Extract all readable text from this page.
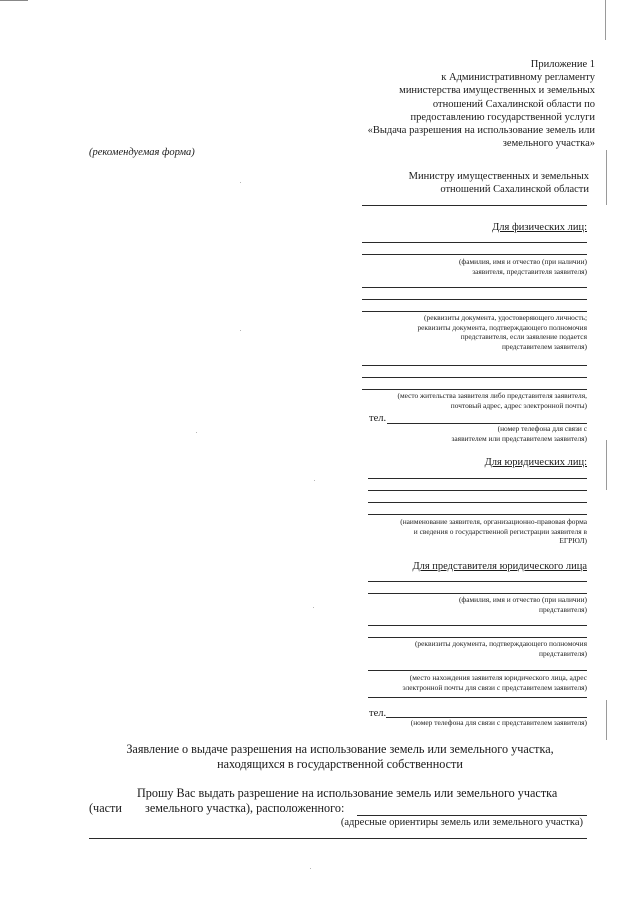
Приложение 1
к Административному регламенту
министерства имущественных и земельных
отношений Сахалинской области по
предоставлению государственной услуги
«Выдача разрешения на использование земель или
земельного участка»
(рекомендуемая форма)
Министру имущественных и земельных
отношений Сахалинской области
Для физических лиц:
(фамилия, имя и отчество (при наличии)
заявителя, представителя заявителя)
(реквизиты документа, удостоверяющего личность;
реквизиты документа, подтверждающего полномочия
представителя, если заявление подается
представителем заявителя)
(место жительства заявителя либо представителя заявителя,
почтовый адрес, адрес электронной почты)
тел.
(номер телефона для связи с
заявителем или представителем заявителя)
Для юридических лиц:
(наименование заявителя, организационно-правовая форма
и сведения о государственной регистрации заявителя в
ЕГРЮЛ)
Для представителя юридического лица
(фамилия, имя и отчество (при наличии)
представителя)
(реквизиты документа, подтверждающего полномочия
представителя)
(место нахождения заявителя юридического лица, адрес
электронной почты для связи с представителем заявителя)
тел.
(номер телефона для связи с представителем заявителя)
Заявление о выдаче разрешения на использование земель или земельного участка,
находящихся в государственной собственности
Прошу Вас выдать разрешение на использование земель или земельного участка
(части земельного участка), расположенного:
(адресные ориентиры земель или земельного участка)
